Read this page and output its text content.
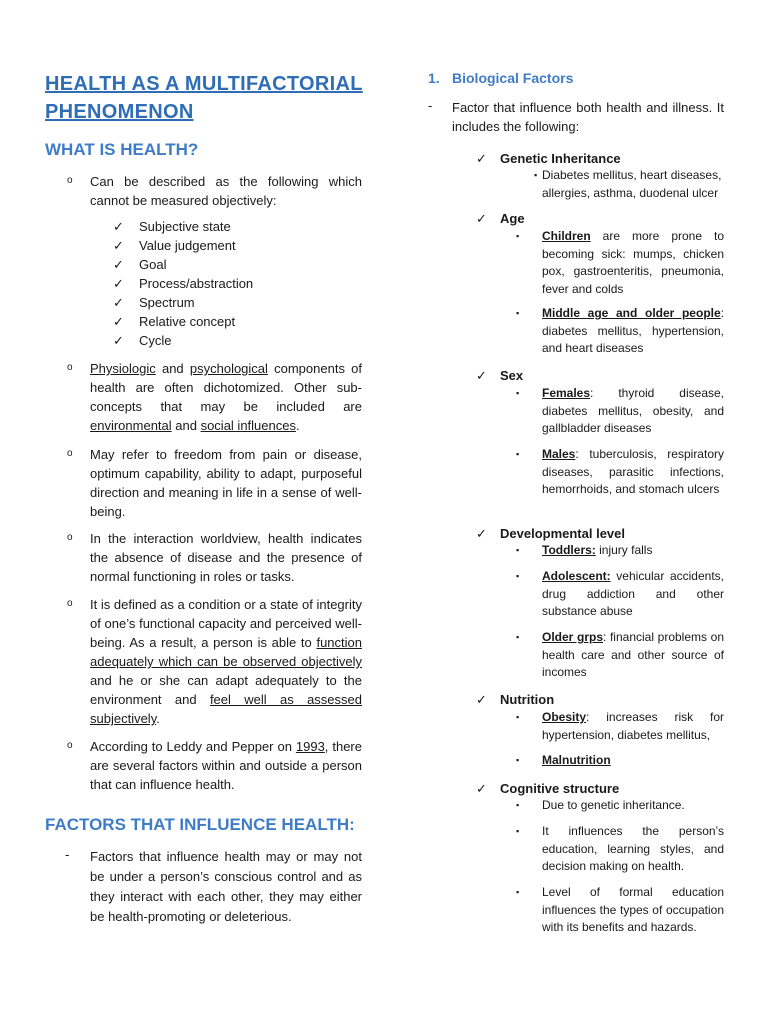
HEALTH AS A MULTIFACTORIAL PHENOMENON
WHAT IS HEALTH?
o Can be described as the following which cannot be measured objectively:
✓ Subjective state
✓ Value judgement
✓ Goal
✓ Process/abstraction
✓ Spectrum
✓ Relative concept
✓ Cycle
o Physiologic and psychological components of health are often dichotomized. Other sub-concepts that may be included are environmental and social influences.
o May refer to freedom from pain or disease, optimum capability, ability to adapt, purposeful direction and meaning in life in a sense of well-being.
o In the interaction worldview, health indicates the absence of disease and the presence of normal functioning in roles or tasks.
o It is defined as a condition or a state of integrity of one’s functional capacity and perceived well-being. As a result, a person is able to function adequately which can be observed objectively and he or she can adapt adequately to the environment and feel well as assessed subjectively.
o According to Leddy and Pepper on 1993, there are several factors within and outside a person that can influence health.
FACTORS THAT INFLUENCE HEALTH:
- Factors that influence health may or may not be under a person’s conscious control and as they interact with each other, they may either be health-promoting or deleterious.
1. Biological Factors
- Factor that influence both health and illness. It includes the following:
✓ Genetic Inheritance
▪ Diabetes mellitus, heart diseases, allergies, asthma, duodenal ulcer
✓ Age
▪ Children are more prone to becoming sick: mumps, chicken pox, gastroenteritis, pneumonia, fever and colds
▪ Middle age and older people: diabetes mellitus, hypertension, and heart diseases
✓ Sex
▪ Females: thyroid disease, diabetes mellitus, obesity, and gallbladder diseases
▪ Males: tuberculosis, respiratory diseases, parasitic infections, hemorrhoids, and stomach ulcers
✓ Developmental level
▪ Toddlers: injury falls
▪ Adolescent: vehicular accidents, drug addiction and other substance abuse
▪ Older grps: financial problems on health care and other source of incomes
✓ Nutrition
▪ Obesity: increases risk for hypertension, diabetes mellitus,
▪ Malnutrition
✓ Cognitive structure
▪ Due to genetic inheritance.
▪ It influences the person’s education, learning styles, and decision making on health.
▪ Level of formal education influences the types of occupation with its benefits and hazards.
